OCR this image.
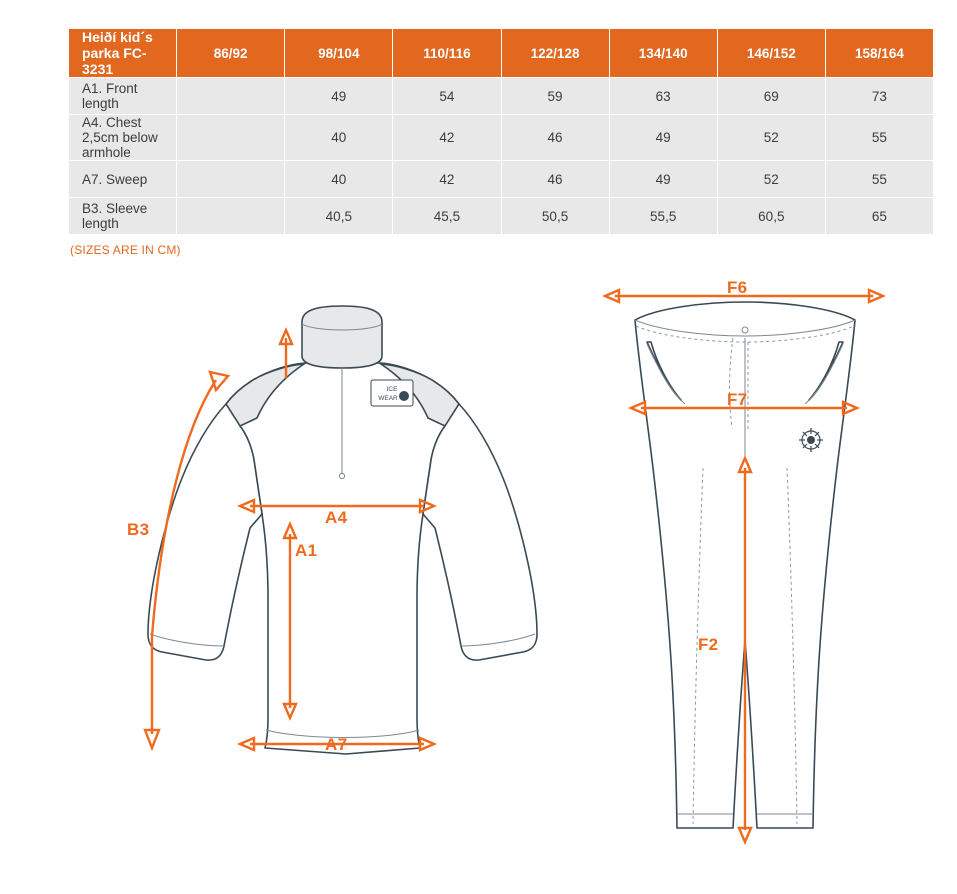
Heiðí kid´s parka FC-3231	86/92	98/104	110/116	122/128	134/140	146/152	158/164
A1. Front length		49	54	59	63	69	73
A4. Chest 2,5cm below armhole		40	42	46	49	52	55
A7. Sweep		40	42	46	49	52	55
B3. Sleeve length		40,5	45,5	50,5	55,5	60,5	65
(SIZES ARE IN CM)
ICE
WEAR
A4
A1
A7
B3
F6
F7
F2
